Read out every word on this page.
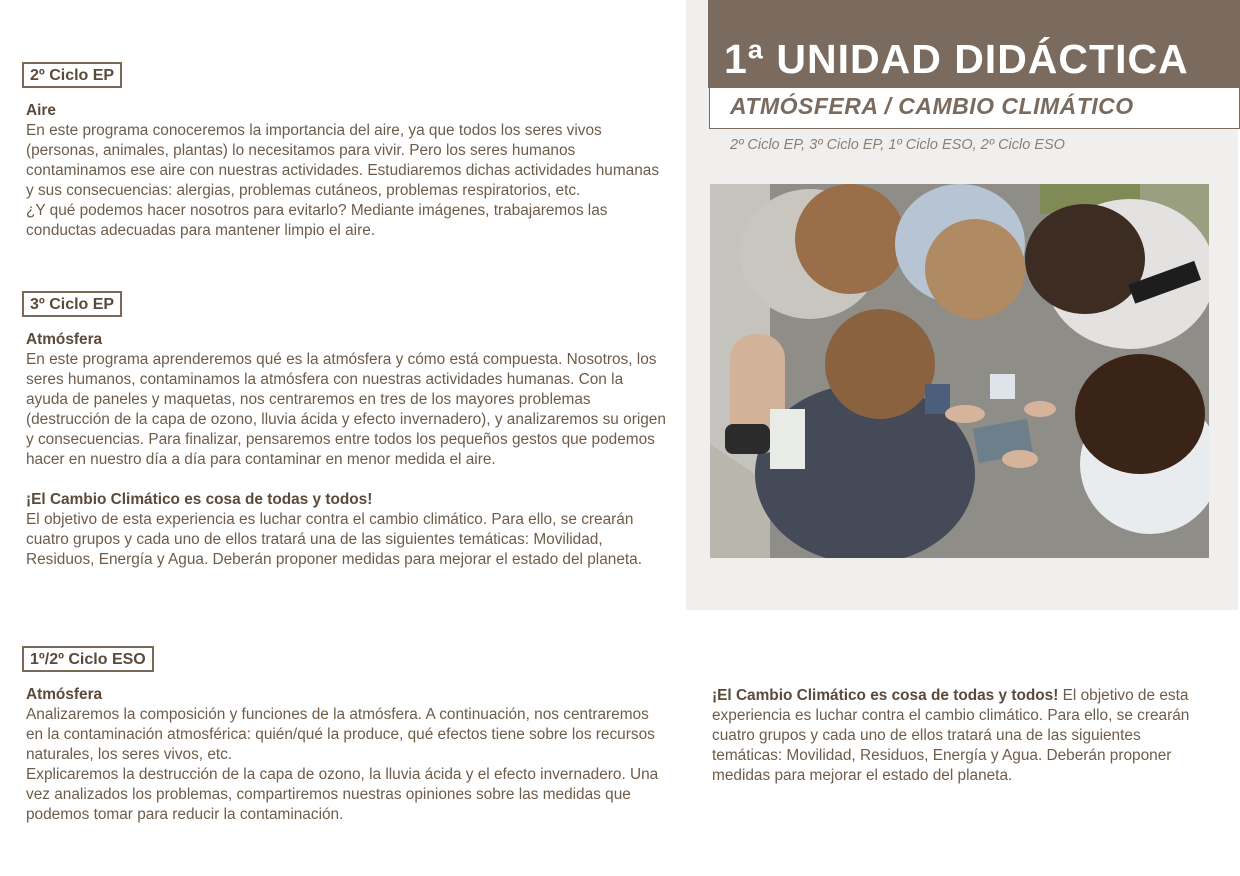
2º Ciclo EP
Aire

En este programa conoceremos la importancia del aire, ya que todos los seres vivos (personas, animales, plantas) lo necesitamos para vivir. Pero los seres humanos contaminamos ese aire con nuestras actividades. Estudiaremos dichas actividades humanas y sus consecuencias: alergias, problemas cutáneos, problemas respiratorios, etc.

¿Y qué podemos hacer nosotros para evitarlo? Mediante imágenes, trabajaremos las conductas adecuadas para mantener limpio el aire.

3º Ciclo EP
Atmósfera

En este programa aprenderemos qué es la atmósfera y cómo está compuesta. Nosotros, los seres humanos, contaminamos la atmósfera con nuestras actividades humanas. Con la ayuda de paneles y maquetas, nos centraremos en tres de los mayores problemas (destrucción de la capa de ozono, lluvia ácida y efecto invernadero), y analizaremos su origen y consecuencias. Para finalizar, pensaremos entre todos los pequeños gestos que podemos hacer en nuestro día a día para contaminar en menor medida el aire.

¡El Cambio Climático es cosa de todas y todos!

El objetivo de esta experiencia es luchar contra el cambio climático. Para ello, se crearán cuatro grupos y cada uno de ellos tratará una de las siguientes temáticas: Movilidad, Residuos, Energía y Agua. Deberán proponer medidas para mejorar el estado del planeta.

1º/2º Ciclo ESO
Atmósfera

Analizaremos la composición y funciones de la atmósfera. A continuación, nos centraremos en la contaminación atmosférica: quién/qué la produce, qué efectos tiene sobre los recursos naturales, los seres vivos, etc.

Explicaremos la destrucción de la capa de ozono, la lluvia ácida y el efecto invernadero. Una vez analizados los problemas, compartiremos nuestras opiniones sobre las medidas que podemos tomar para reducir la contaminación.

1ª UNIDAD DIDÁCTICA
ATMÓSFERA / CAMBIO CLIMÁTICO
2º Ciclo EP, 3º Ciclo EP, 1º Ciclo ESO, 2º Ciclo ESO
¡El Cambio Climático es cosa de todas y todos! El objetivo de esta experiencia es luchar contra el cambio climático. Para ello, se crearán cuatro grupos y cada uno de ellos tratará una de las siguientes temáticas: Movilidad, Residuos, Energía y Agua. Deberán proponer medidas para mejorar el estado del planeta.
